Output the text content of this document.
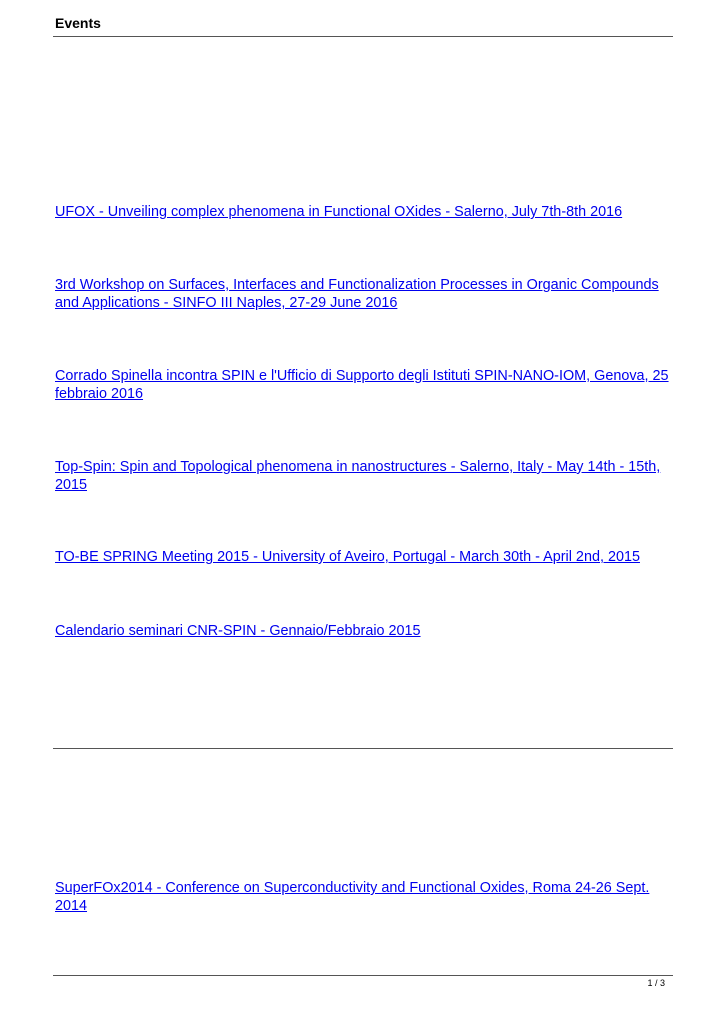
Events
UFOX - Unveiling complex phenomena in Functional OXides - Salerno, July 7th-8th 2016
3rd Workshop on Surfaces, Interfaces and Functionalization Processes in Organic Compounds and Applications - SINFO III Naples, 27-29 June 2016
Corrado Spinella incontra SPIN e l'Ufficio di Supporto degli Istituti SPIN-NANO-IOM, Genova, 25 febbraio 2016
Top-Spin: Spin and Topological phenomena in nanostructures - Salerno, Italy - May 14th - 15th, 2015
TO-BE SPRING Meeting 2015 - University of Aveiro, Portugal - March 30th - April 2nd, 2015
Calendario seminari CNR-SPIN - Gennaio/Febbraio 2015
SuperFOx2014 - Conference on Superconductivity and Functional Oxides, Roma 24-26 Sept. 2014
1 / 3
